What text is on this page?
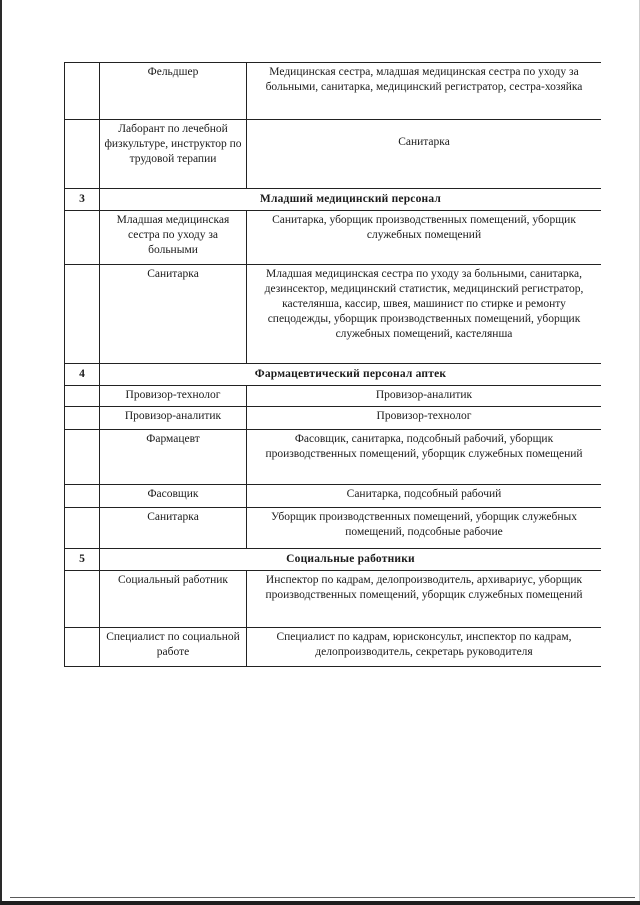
	Фельдшер	Медицинская сестра, младшая медицинская сестра по уходу за больными, санитарка, медицинский регистратор, сестра-хозяйка
	Лаборант по лечебной физкультуре, инструктор по трудовой терапии	Санитарка
3	Младший медицинский персонал	
	Младшая медицинская сестра по уходу за больными	Санитарка, уборщик производственных помещений, уборщик служебных помещений
	Санитарка	Младшая медицинская сестра по уходу за больными, санитарка, дезинсектор, медицинский статистик, медицинский регистратор, кастелянша, кассир, швея, машинист по стирке и ремонту спецодежды, уборщик производственных помещений, уборщик служебных помещений, кастелянша
4	Фармацевтический персонал аптек	
	Провизор-технолог	Провизор-аналитик
	Провизор-аналитик	Провизор-технолог
	Фармацевт	Фасовщик, санитарка, подсобный рабочий, уборщик производственных помещений, уборщик служебных помещений
	Фасовщик	Санитарка, подсобный рабочий
	Санитарка	Уборщик производственных помещений, уборщик служебных помещений, подсобные рабочие
5	Социальные работники	
	Социальный работник	Инспектор по кадрам, делопроизводитель, архивариус, уборщик производственных помещений, уборщик служебных помещений
	Специалист по социальной работе	Специалист по кадрам, юрисконсульт, инспектор по кадрам, делопроизводитель, секретарь руководителя
